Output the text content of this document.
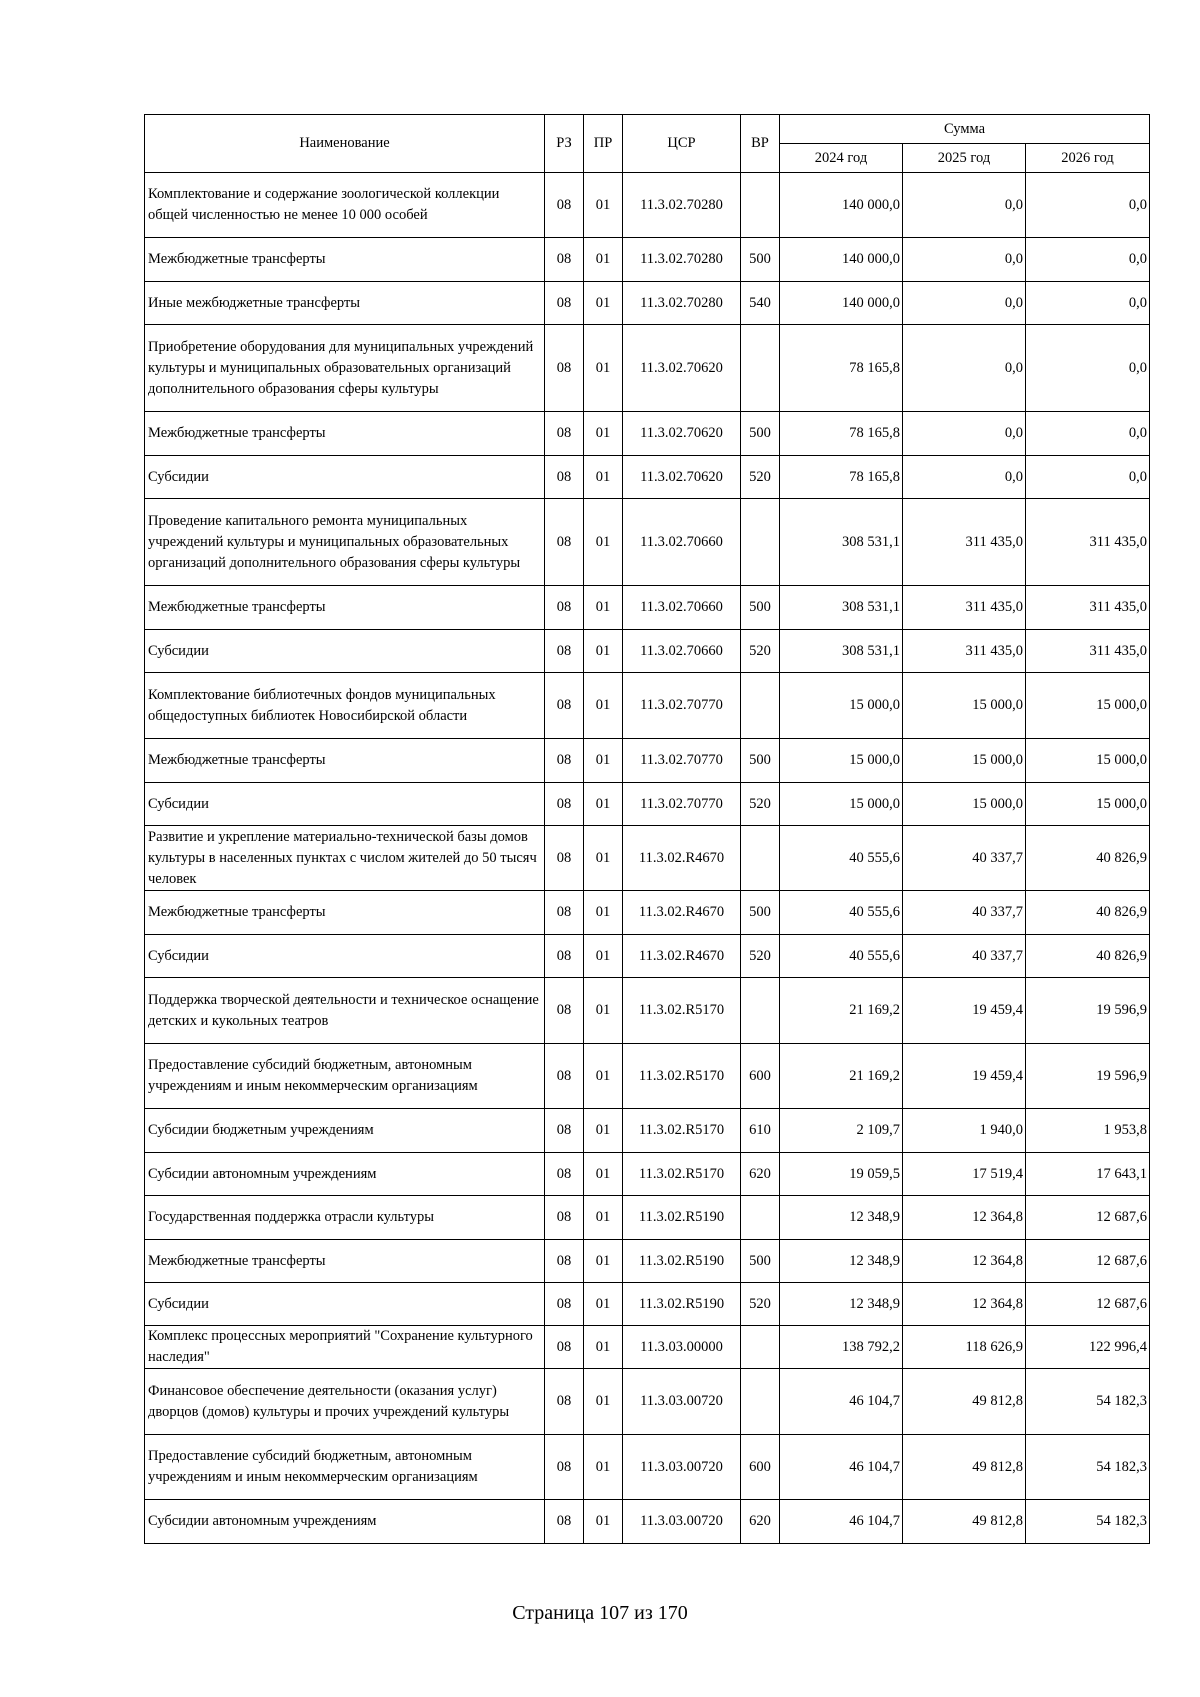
Наименование	РЗ	ПР	ЦСР	ВР	Сумма		
					2024 год	2025 год	2026 год
Комплектование и содержание зоологической коллекции общей численностью не менее 10 000 особей	08	01	11.3.02.70280		140 000,0	0,0	0,0
Межбюджетные трансферты	08	01	11.3.02.70280	500	140 000,0	0,0	0,0
Иные межбюджетные трансферты	08	01	11.3.02.70280	540	140 000,0	0,0	0,0
Приобретение оборудования для муниципальных учреждений культуры и муниципальных образовательных организаций дополнительного образования сферы культуры	08	01	11.3.02.70620		78 165,8	0,0	0,0
Межбюджетные трансферты	08	01	11.3.02.70620	500	78 165,8	0,0	0,0
Субсидии	08	01	11.3.02.70620	520	78 165,8	0,0	0,0
Проведение капитального ремонта муниципальных учреждений культуры и муниципальных образовательных организаций дополнительного образования сферы культуры	08	01	11.3.02.70660		308 531,1	311 435,0	311 435,0
Межбюджетные трансферты	08	01	11.3.02.70660	500	308 531,1	311 435,0	311 435,0
Субсидии	08	01	11.3.02.70660	520	308 531,1	311 435,0	311 435,0
Комплектование библиотечных фондов муниципальных общедоступных библиотек Новосибирской области	08	01	11.3.02.70770		15 000,0	15 000,0	15 000,0
Межбюджетные трансферты	08	01	11.3.02.70770	500	15 000,0	15 000,0	15 000,0
Субсидии	08	01	11.3.02.70770	520	15 000,0	15 000,0	15 000,0
Развитие и укрепление материально-технической базы домов культуры в населенных пунктах с числом жителей до 50 тысяч человек	08	01	11.3.02.R4670		40 555,6	40 337,7	40 826,9
Межбюджетные трансферты	08	01	11.3.02.R4670	500	40 555,6	40 337,7	40 826,9
Субсидии	08	01	11.3.02.R4670	520	40 555,6	40 337,7	40 826,9
Поддержка творческой деятельности и техническое оснащение детских и кукольных театров	08	01	11.3.02.R5170		21 169,2	19 459,4	19 596,9
Предоставление субсидий бюджетным, автономным учреждениям и иным некоммерческим организациям	08	01	11.3.02.R5170	600	21 169,2	19 459,4	19 596,9
Субсидии бюджетным учреждениям	08	01	11.3.02.R5170	610	2 109,7	1 940,0	1 953,8
Субсидии автономным учреждениям	08	01	11.3.02.R5170	620	19 059,5	17 519,4	17 643,1
Государственная поддержка отрасли культуры	08	01	11.3.02.R5190		12 348,9	12 364,8	12 687,6
Межбюджетные трансферты	08	01	11.3.02.R5190	500	12 348,9	12 364,8	12 687,6
Субсидии	08	01	11.3.02.R5190	520	12 348,9	12 364,8	12 687,6
Комплекс процессных мероприятий "Сохранение культурного наследия"	08	01	11.3.03.00000		138 792,2	118 626,9	122 996,4
Финансовое обеспечение деятельности (оказания услуг) дворцов (домов) культуры и прочих учреждений культуры	08	01	11.3.03.00720		46 104,7	49 812,8	54 182,3
Предоставление субсидий бюджетным, автономным учреждениям и иным некоммерческим организациям	08	01	11.3.03.00720	600	46 104,7	49 812,8	54 182,3
Субсидии автономным учреждениям	08	01	11.3.03.00720	620	46 104,7	49 812,8	54 182,3
Страница 107 из 170
